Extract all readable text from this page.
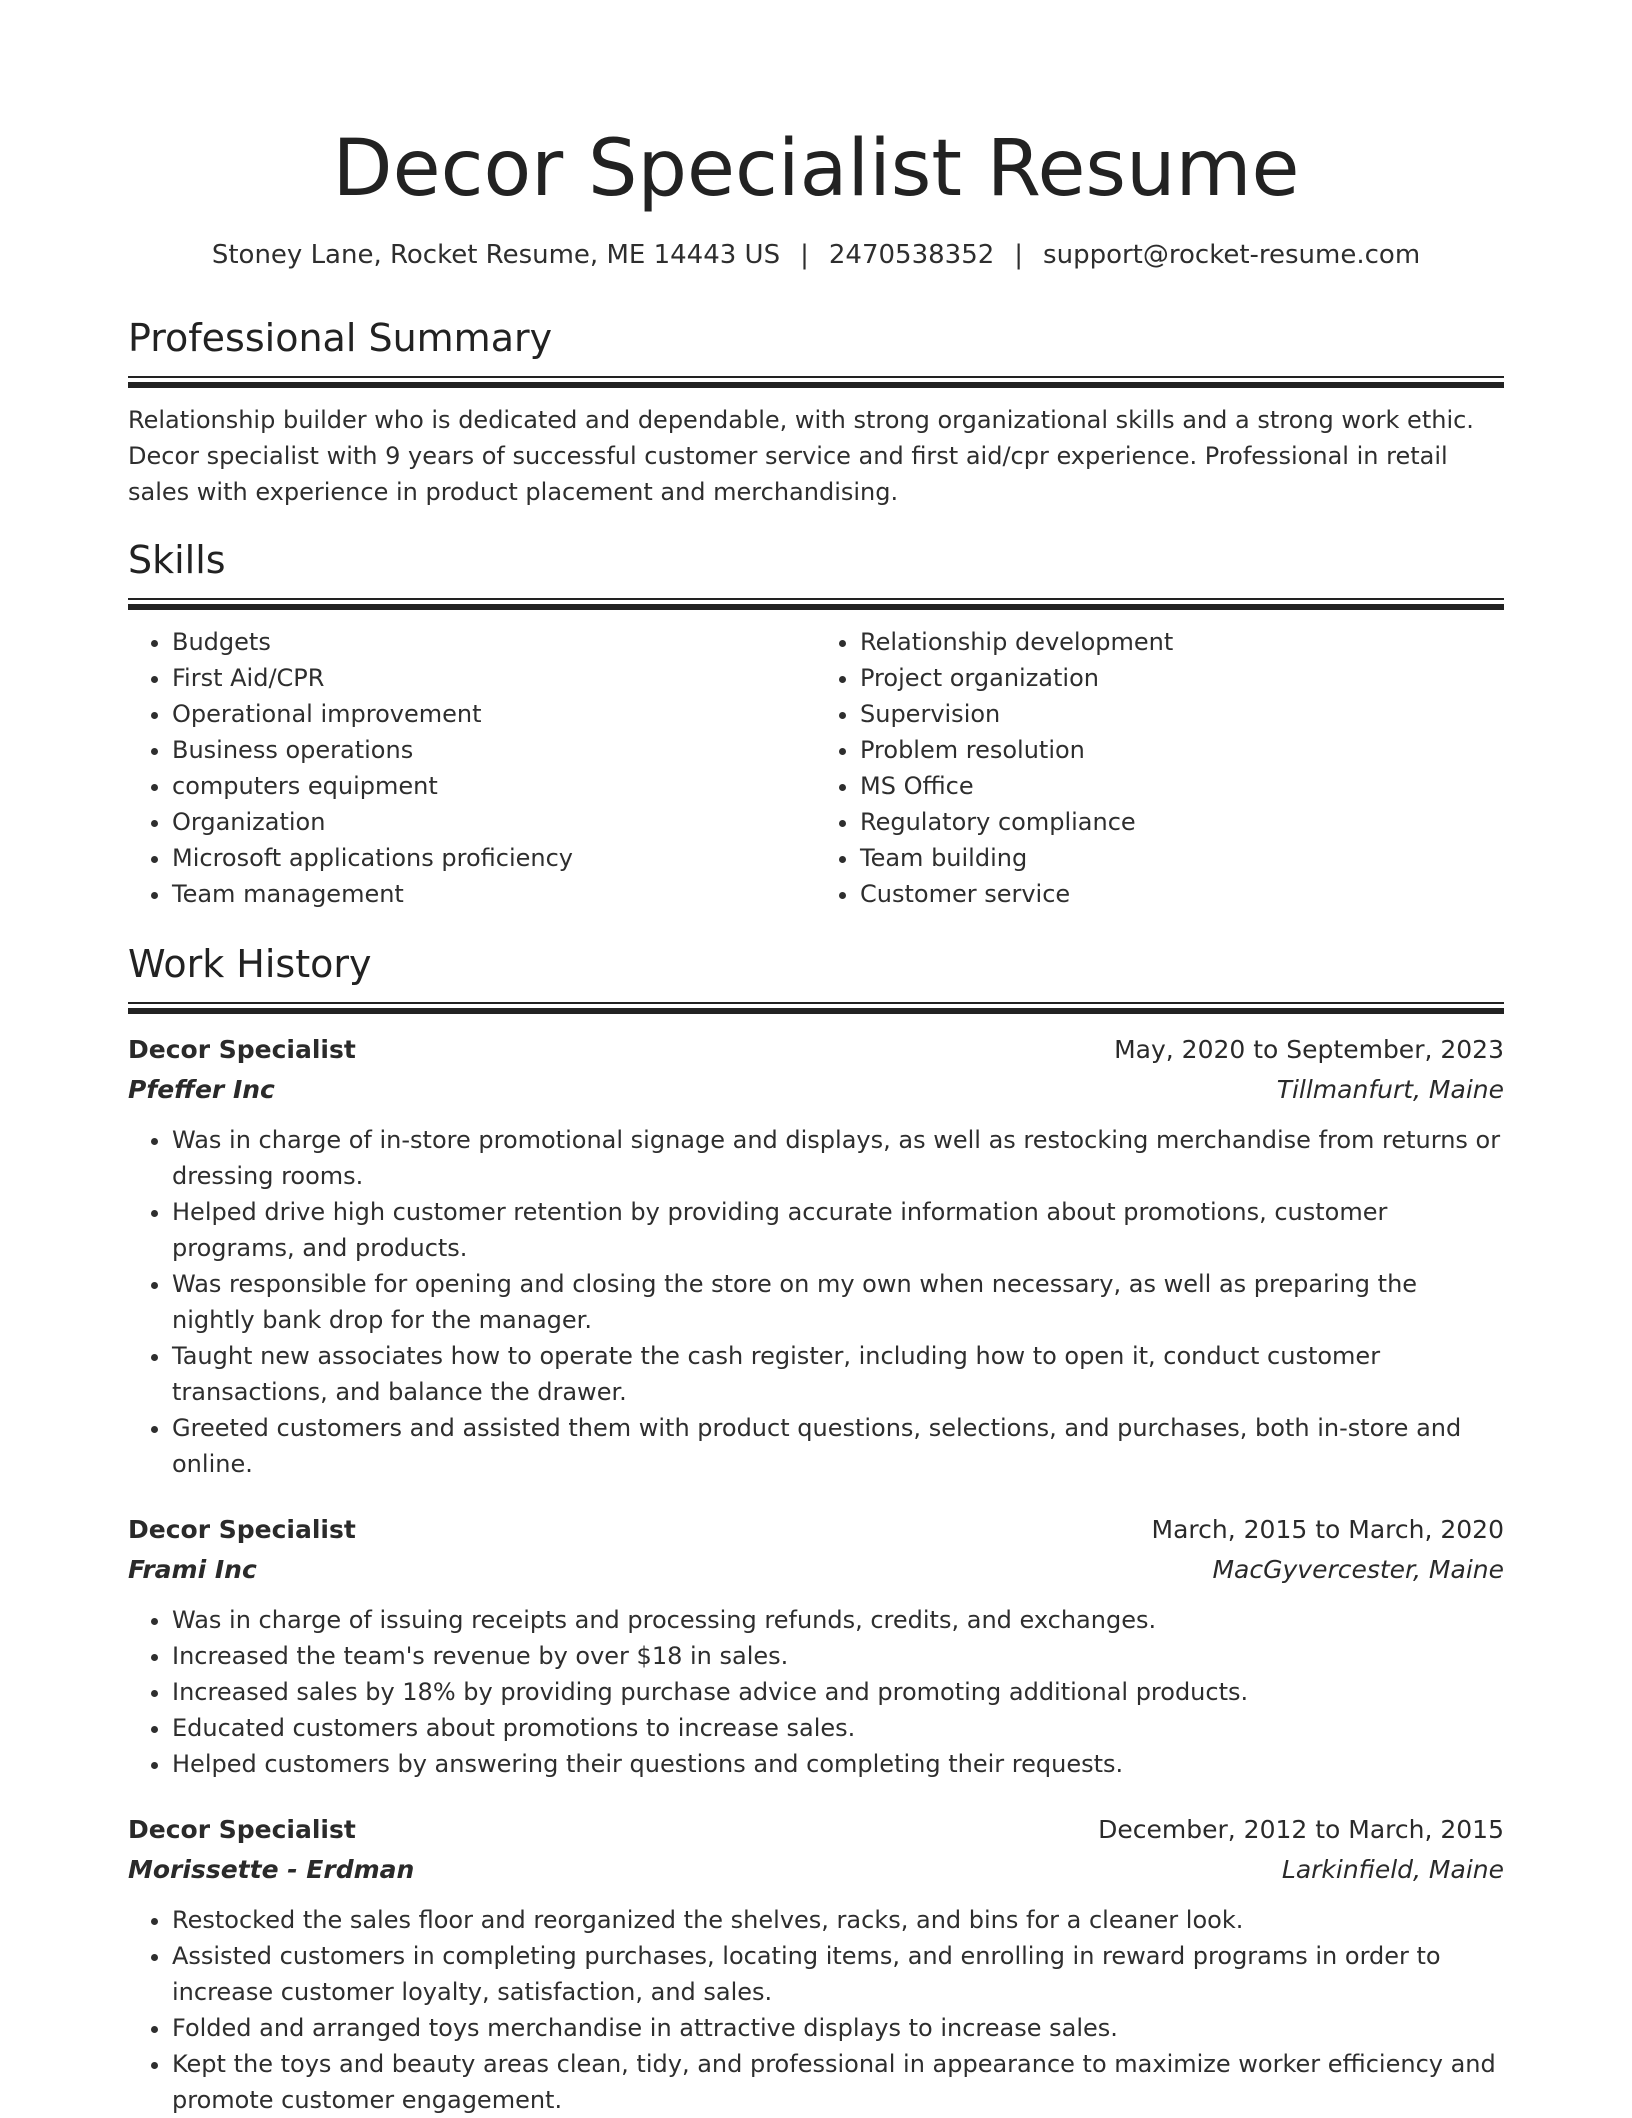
Decor Specialist Resume
Stoney Lane, Rocket Resume, ME 14443 US | 2470538352 | support@rocket-resume.com
Professional Summary

Relationship builder who is dedicated and dependable, with strong organizational skills and a strong work ethic. Decor specialist with 9 years of successful customer service and first aid/cpr experience. Professional in retail sales with experience in product placement and merchandising.

Skills
• Budgets
• First Aid/CPR
• Operational improvement
• Business operations
• computers equipment
• Organization
• Microsoft applications proficiency
• Team management
• Relationship development
• Project organization
• Supervision
• Problem resolution
• MS Office
• Regulatory compliance
• Team building
• Customer service
Work History
Decor Specialist	May, 2020 to September, 2023
Pfeffer Inc	Tillmanfurt, Maine
• Was in charge of in-store promotional signage and displays, as well as restocking merchandise from returns or dressing rooms.
• Helped drive high customer retention by providing accurate information about promotions, customer programs, and products.
• Was responsible for opening and closing the store on my own when necessary, as well as preparing the nightly bank drop for the manager.
• Taught new associates how to operate the cash register, including how to open it, conduct customer transactions, and balance the drawer.
• Greeted customers and assisted them with product questions, selections, and purchases, both in-store and online.
Decor Specialist	March, 2015 to March, 2020
Frami Inc	MacGyvercester, Maine
• Was in charge of issuing receipts and processing refunds, credits, and exchanges.
• Increased the team's revenue by over $18 in sales.
• Increased sales by 18% by providing purchase advice and promoting additional products.
• Educated customers about promotions to increase sales.
• Helped customers by answering their questions and completing their requests.
Decor Specialist	December, 2012 to March, 2015
Morissette - Erdman	Larkinfield, Maine
• Restocked the sales floor and reorganized the shelves, racks, and bins for a cleaner look.
• Assisted customers in completing purchases, locating items, and enrolling in reward programs in order to increase customer loyalty, satisfaction, and sales.
• Folded and arranged toys merchandise in attractive displays to increase sales.
• Kept the toys and beauty areas clean, tidy, and professional in appearance to maximize worker efficiency and promote customer engagement.
